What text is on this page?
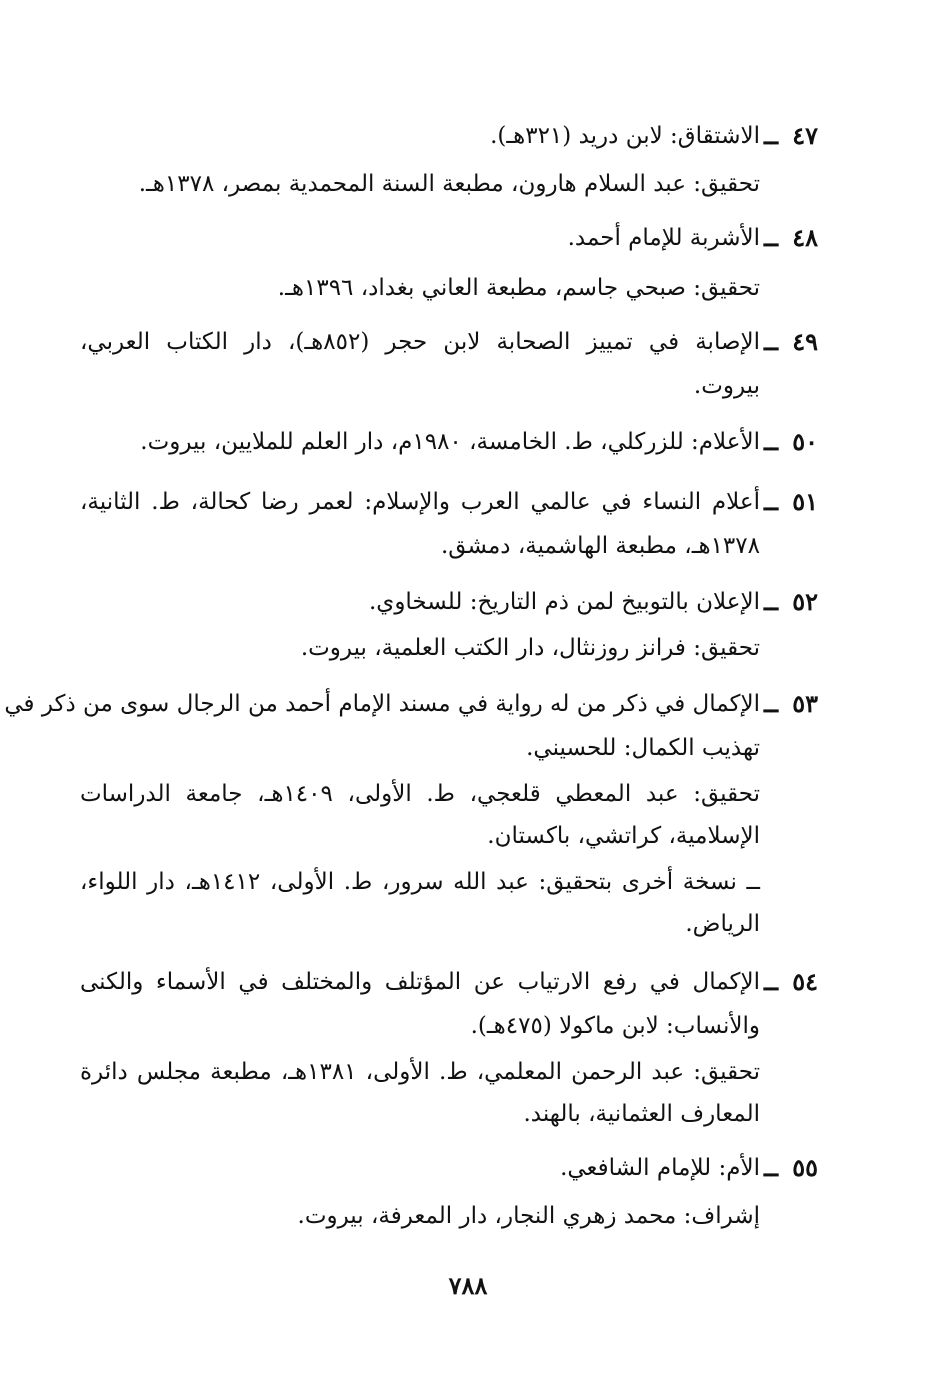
٤٧
ــ
الاشتقاق: لابن دريد (٣٢١هـ).
تحقيق: عبد السلام هارون، مطبعة السنة المحمدية بمصر، ١٣٧٨هـ.
٤٨
ــ
الأشربة للإمام أحمد.
تحقيق: صبحي جاسم، مطبعة العاني بغداد، ١٣٩٦هـ.
٤٩
ــ
الإصابة في تمييز الصحابة لابن حجر (٨٥٢هـ)، دار الكتاب العربي،
بيروت.
٥٠
ــ
الأعلام: للزركلي، ط. الخامسة، ١٩٨٠م، دار العلم للملايين، بيروت.
٥١
ــ
أعلام النساء في عالمي العرب والإسلام: لعمر رضا كحالة، ط. الثانية،
١٣٧٨هـ، مطبعة الهاشمية، دمشق.
٥٢
ــ
الإعلان بالتوبيخ لمن ذم التاريخ: للسخاوي.
تحقيق: فرانز روزنثال، دار الكتب العلمية، بيروت.
٥٣
ــ
الإكمال في ذكر من له رواية في مسند الإمام أحمد من الرجال سوى من ذكر في
تهذيب الكمال: للحسيني.
تحقيق: عبد المعطي قلعجي، ط. الأولى، ١٤٠٩هـ، جامعة الدراسات
الإسلامية، كراتشي، باكستان.
ــ نسخة أخرى بتحقيق: عبد الله سرور، ط. الأولى، ١٤١٢هـ، دار اللواء،
الرياض.
٥٤
ــ
الإكمال في رفع الارتياب عن المؤتلف والمختلف في الأسماء والكنى
والأنساب: لابن ماكولا (٤٧٥هـ).
تحقيق: عبد الرحمن المعلمي، ط. الأولى، ١٣٨١هـ، مطبعة مجلس دائرة
المعارف العثمانية، بالهند.
٥٥
ــ
الأم: للإمام الشافعي.
إشراف: محمد زهري النجار، دار المعرفة، بيروت.
٧٨٨
